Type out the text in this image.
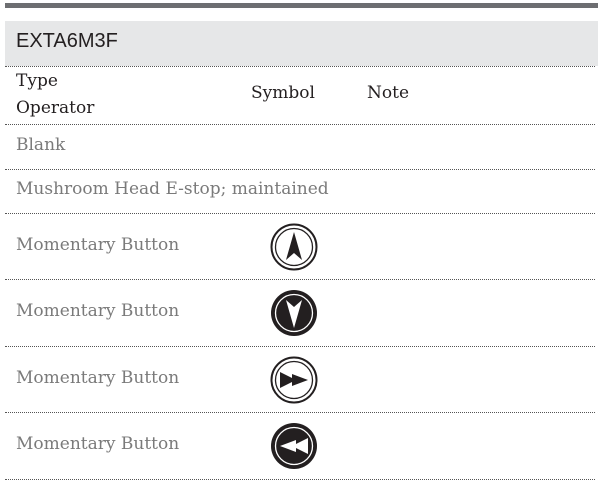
EXTA6M3F
Type
Operator
Symbol	Note
Blank
Mushroom Head E-stop; maintained
Momentary Button
Momentary Button
Momentary Button
Momentary Button
